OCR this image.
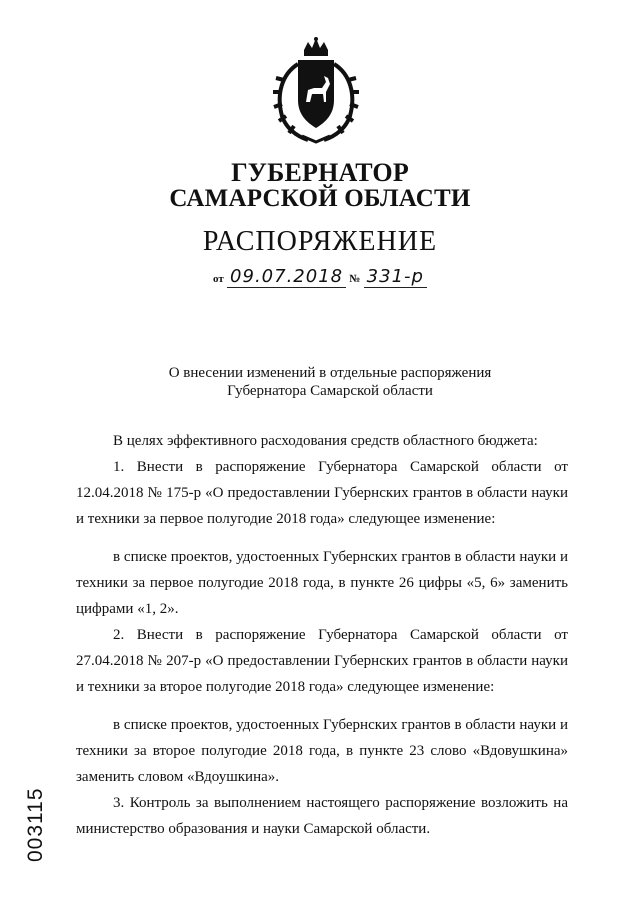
ГУБЕРНАТОР
САМАРСКОЙ ОБЛАСТИ
РАСПОРЯЖЕНИЕ
от 09.07.2018 № 331-р
О внесении изменений в отдельные распоряжения
Губернатора Самарской области

В целях эффективного расходования средств областного бюджета:

1. Внести в распоряжение Губернатора Самарской области от 12.04.2018 № 175-р «О предоставлении Губернских грантов в области науки и техники за первое полугодие 2018 года» следующее изменение:

в списке проектов, удостоенных Губернских грантов в области науки и техники за первое полугодие 2018 года, в пункте 26 цифры «5, 6» заменить цифрами «1, 2».

2. Внести в распоряжение Губернатора Самарской области от 27.04.2018 № 207-р «О предоставлении Губернских грантов в области науки и техники за второе полугодие 2018 года» следующее изменение:

в списке проектов, удостоенных Губернских грантов в области науки и техники за второе полугодие 2018 года, в пункте 23 слово «Вдовушкина» заменить словом «Вдоушкина».

3. Контроль за выполнением настоящего распоряжение возложить на министерство образования и науки Самарской области.

003115
